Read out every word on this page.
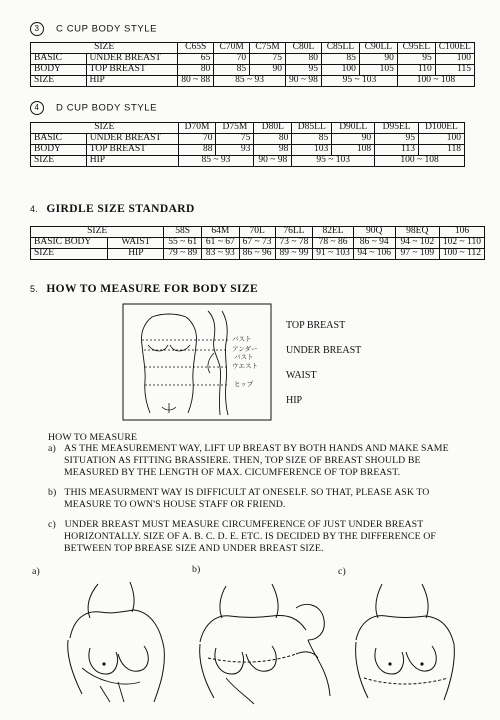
3 C CUP BODY STYLE
SIZE		C65S	C70M	C75M	C80L	C85LL	C90LL	C95EL	C100EL
BASIC	UNDER BREAST	65	70	75	80	85	90	95	100
BODY	TOP BREAST	80	85	90	95	100	105	110	115
SIZE	HIP	80 ~ 88	85 ~ 93		90 ~ 98	95 ~ 103		100 ~ 108	
4 D CUP BODY STYLE
SIZE		D70M	D75M	D80L	D85LL	D90LL	D95EL	D100EL
BASIC	UNDER BREAST	70	75	80	85	90	95	100
BODY	TOP BREAST	88	93	98	103	108	113	118
SIZE	HIP	85 ~ 93		90 ~ 98	95 ~ 103		100 ~ 108	
4. GIRDLE SIZE STANDARD
SIZE		58S	64M	70L	76LL	82EL	90Q	98EQ	106
BASIC BODY	WAIST	55 ~ 61	61 ~ 67	67 ~ 73	73 ~ 78	78 ~ 86	86 ~ 94	94 ~ 102	102 ~ 110
SIZE	HIP	79 ~ 89	83 ~ 93	86 ~ 96	89 ~ 99	91 ~ 103	94 ~ 106	97 ~ 109	100 ~ 112
5. HOW TO MEASURE FOR BODY SIZE
バスト
アンダー
バスト
ウエスト
ヒップ
TOP BREAST
UNDER BREAST
WAIST
HIP
HOW TO MEASURE
a) AS THE MEASUREMENT WAY, LIFT UP BREAST BY BOTH HANDS AND MAKE SAME
SITUATION AS FITTING BRASSIERE. THEN, TOP SIZE OF BREAST SHOULD BE
MEASURED BY THE LENGTH OF MAX. CICUMFERENCE OF TOP BREAST.
b) THIS MEASURMENT WAY IS DIFFICULT AT ONESELF. SO THAT, PLEASE ASK TO
MEASURE TO OWN'S HOUSE STAFF OR FRIEND.
c) UNDER BREAST MUST MEASURE CIRCUMFERENCE OF JUST UNDER BREAST
HORIZONTALLY. SIZE OF A. B. C. D. E. ETC. IS DECIDED BY THE DIFFERENCE OF
BETWEEN TOP BREASE SIZE AND UNDER BREAST SIZE.
a)	b)	c)
